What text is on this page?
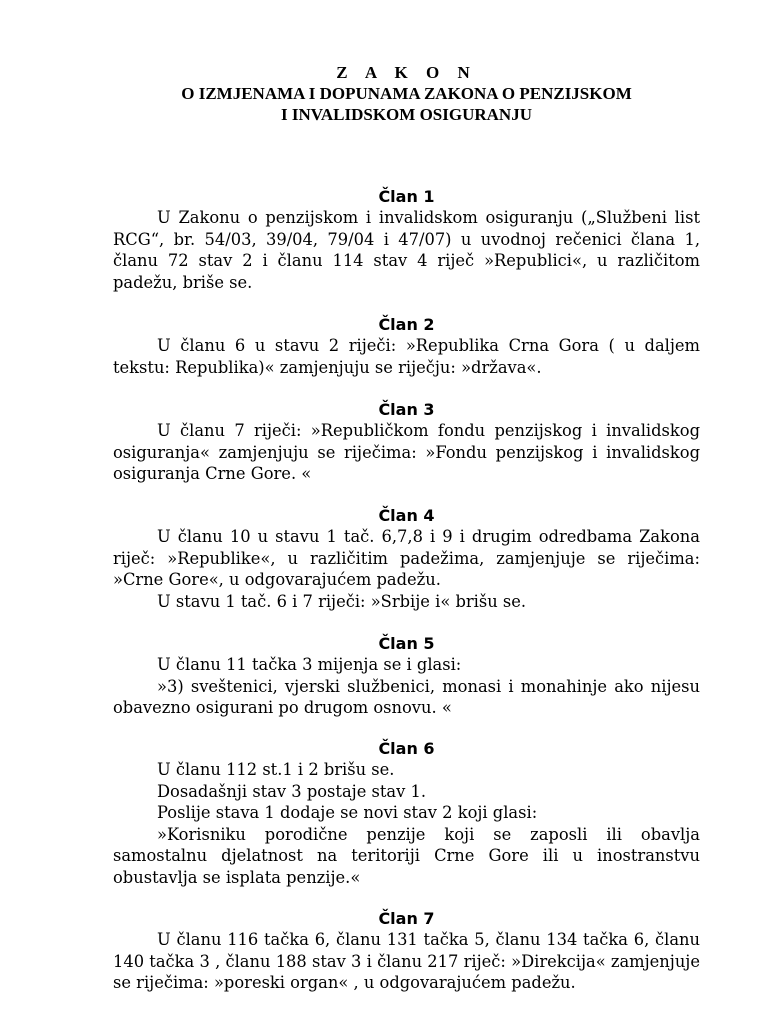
Z A K O N
O IZMJENAMA I DOPUNAMA ZAKONA O PENZIJSKOM
I INVALIDSKOM OSIGURANJU
Član 1

U Zakonu o penzijskom i invalidskom osiguranju („Službeni list RCG“, br. 54/03, 39/04, 79/04 i 47/07) u uvodnoj rečenici člana 1, članu 72 stav 2 i članu 114 stav 4 riječ »Republici«, u različitom padežu, briše se.

Član 2

U članu 6 u stavu 2 riječi: »Republika Crna Gora ( u daljem tekstu: Republika)« zamjenjuju se riječju: »država«.

Član 3

U članu 7 riječi: »Republičkom fondu penzijskog i invalidskog osiguranja« zamjenjuju se riječima: »Fondu penzijskog i invalidskog osiguranja Crne Gore. «

Član 4

U članu 10 u stavu 1 tač. 6,7,8 i 9 i drugim odredbama Zakona riječ: »Republike«, u različitim padežima, zamjenjuje se riječima: »Crne Gore«, u odgovarajućem padežu.

U stavu 1 tač. 6 i 7 riječi: »Srbije i« brišu se.

Član 5

U članu 11 tačka 3 mijenja se i glasi:

»3) sveštenici, vjerski službenici, monasi i monahinje ako nijesu obavezno osigurani po drugom osnovu. «

Član 6

U članu 112 st.1 i 2 brišu se.

Dosadašnji stav 3 postaje stav 1.

Poslije stava 1 dodaje se novi stav 2 koji glasi:

»Korisniku porodične penzije koji se zaposli ili obavlja samostalnu djelatnost na teritoriji Crne Gore ili u inostranstvu obustavlja se isplata penzije.«

Član 7

U članu 116 tačka 6, članu 131 tačka 5, članu 134 tačka 6, članu 140 tačka 3 , članu 188 stav 3 i članu 217 riječ: »Direkcija« zamjenjuje se riječima: »poreski organ« , u odgovarajućem padežu.
